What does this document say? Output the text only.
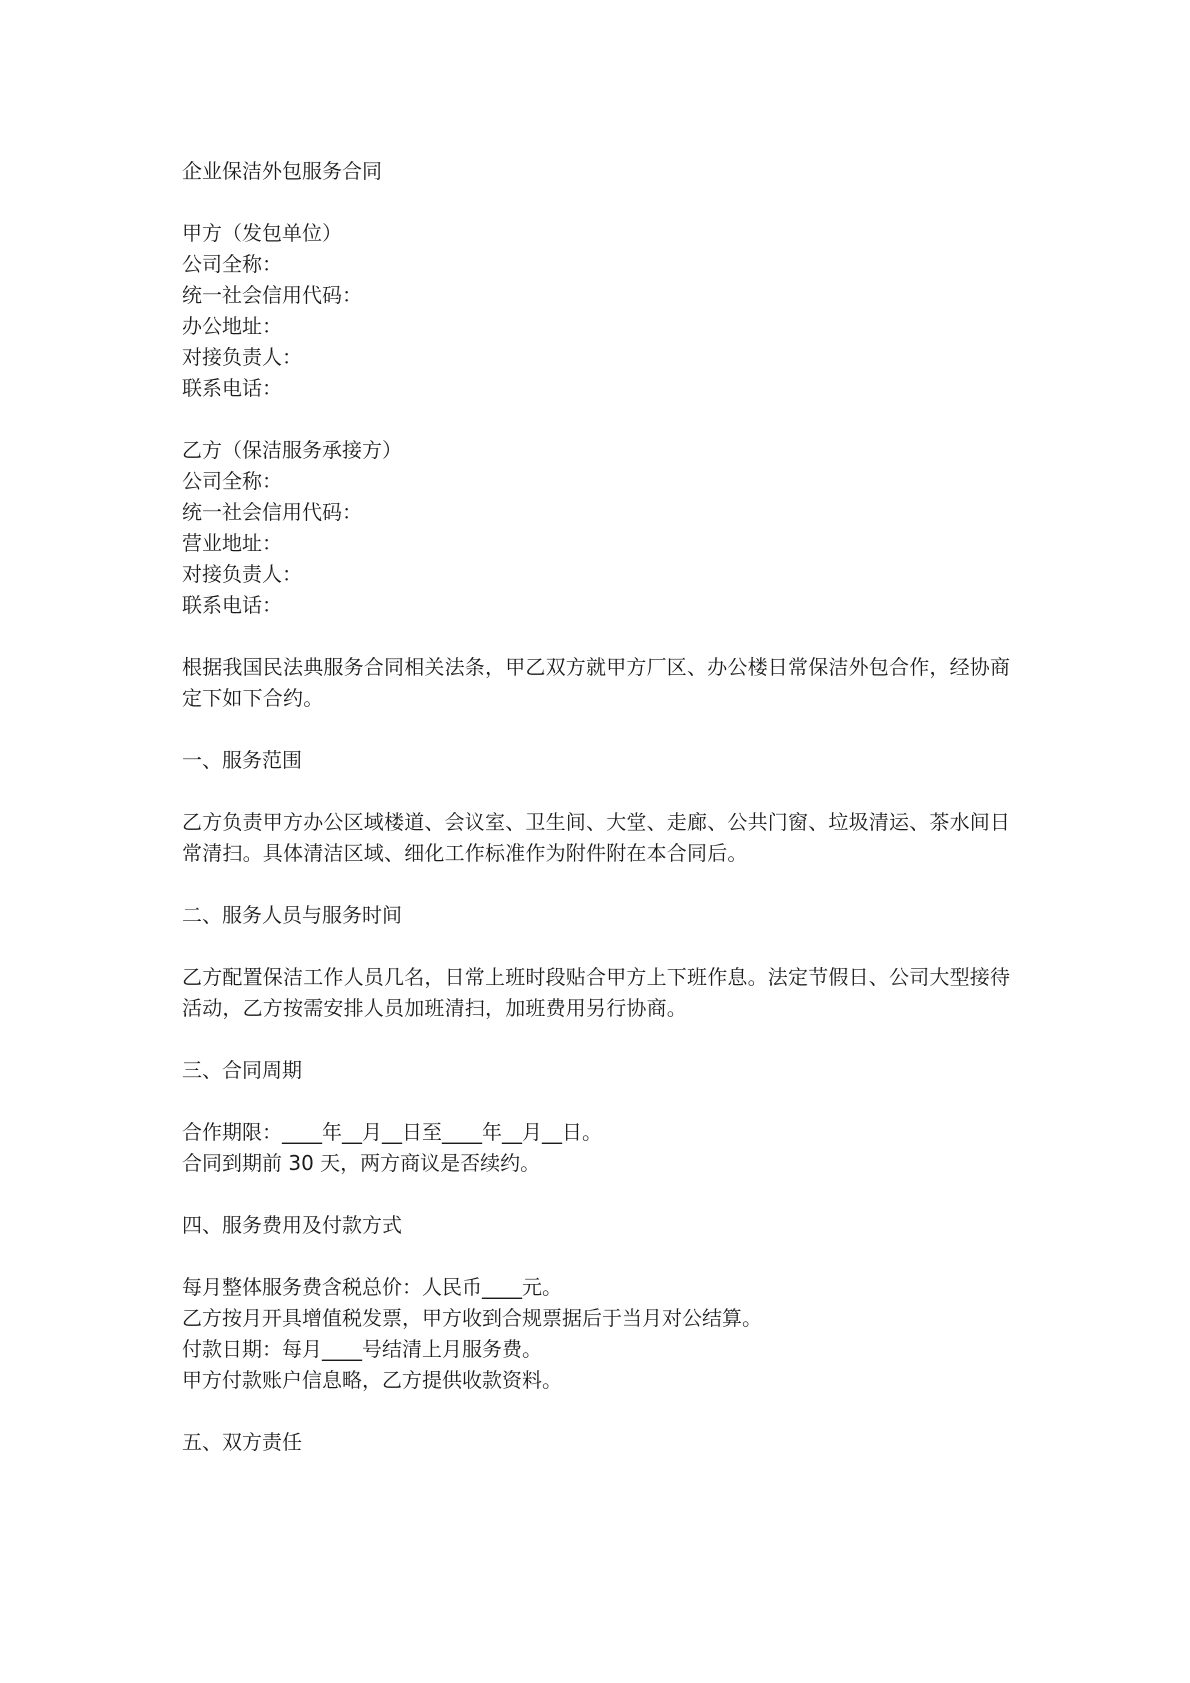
企业保洁外包服务合同
甲方（发包单位）
公司全称：
统一社会信用代码：
办公地址：
对接负责人：
联系电话：
乙方（保洁服务承接方）
公司全称：
统一社会信用代码：
营业地址：
对接负责人：
联系电话：
根据我国民法典服务合同相关法条，甲乙双方就甲方厂区、办公楼日常保洁外包合作，经协商定下如下合约。
一、服务范围
乙方负责甲方办公区域楼道、会议室、卫生间、大堂、走廊、公共门窗、垃圾清运、茶水间日常清扫。具体清洁区域、细化工作标准作为附件附在本合同后。
二、服务人员与服务时间
乙方配置保洁工作人员几名，日常上班时段贴合甲方上下班作息。法定节假日、公司大型接待活动，乙方按需安排人员加班清扫，加班费用另行协商。
三、合同周期
合作期限：____年__月__日至____年__月__日。
合同到期前 30 天，两方商议是否续约。
四、服务费用及付款方式
每月整体服务费含税总价：人民币____元。
乙方按月开具增值税发票，甲方收到合规票据后于当月对公结算。
付款日期：每月____号结清上月服务费。
甲方付款账户信息略，乙方提供收款资料。
五、双方责任
